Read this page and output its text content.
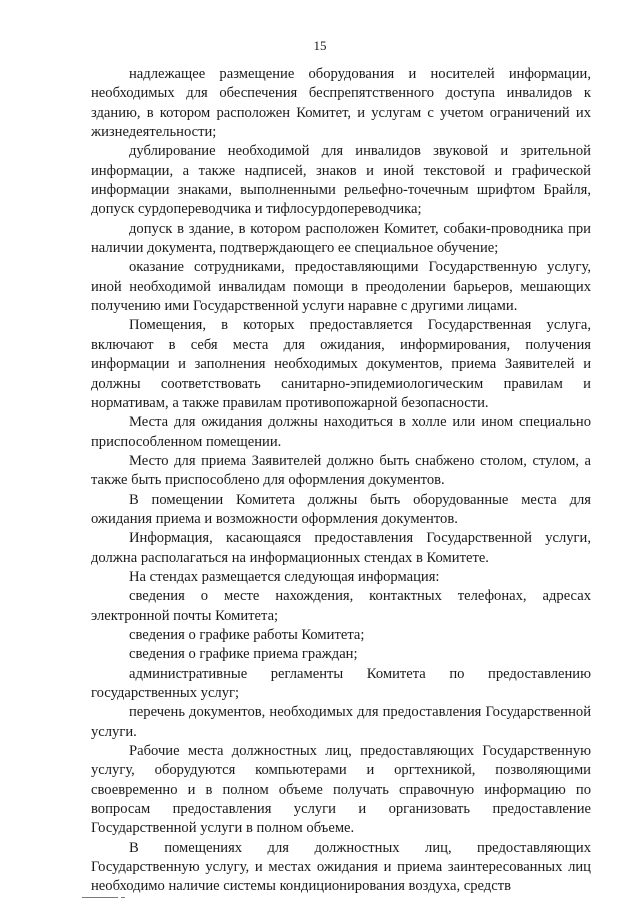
15

надлежащее размещение оборудования и носителей информации, необходимых для обеспечения беспрепятственного доступа инвалидов к зданию, в котором расположен Комитет, и услугам с учетом ограничений их жизнедеятельности;

дублирование необходимой для инвалидов звуковой и зрительной информации, а также надписей, знаков и иной текстовой и графической информации знаками, выполненными рельефно-точечным шрифтом Брайля, допуск сурдопереводчика и тифлосурдопереводчика;

допуск в здание, в котором расположен Комитет, собаки-проводника при наличии документа, подтверждающего ее специальное обучение;

оказание сотрудниками, предоставляющими Государственную услугу, иной необходимой инвалидам помощи в преодолении барьеров, мешающих получению ими Государственной услуги наравне с другими лицами.

Помещения, в которых предоставляется Государственная услуга, включают в себя места для ожидания, информирования, получения информации и заполнения необходимых документов, приема Заявителей и должны соответствовать санитарно-эпидемиологическим правилам и нормативам, а также правилам противопожарной безопасности.

Места для ожидания должны находиться в холле или ином специально приспособленном помещении.

Место для приема Заявителей должно быть снабжено столом, стулом, а также быть приспособлено для оформления документов.

В помещении Комитета должны быть оборудованные места для ожидания приема и возможности оформления документов.

Информация, касающаяся предоставления Государственной услуги, должна располагаться на информационных стендах в Комитете.

На стендах размещается следующая информация:

сведения о месте нахождения, контактных телефонах, адресах электронной почты Комитета;

сведения о графике работы Комитета;

сведения о графике приема граждан;

административные регламенты Комитета по предоставлению государственных услуг;

перечень документов, необходимых для предоставления Государственной услуги.

Рабочие места должностных лиц, предоставляющих Государственную услугу, оборудуются компьютерами и оргтехникой, позволяющими своевременно и в полном объеме получать справочную информацию по вопросам предоставления услуги и организовать предоставление Государственной услуги в полном объеме.

В помещениях для должностных лиц, предоставляющих Государственную услугу, и местах ожидания и приема заинтересованных лиц необходимо наличие системы кондиционирования воздуха, средств
